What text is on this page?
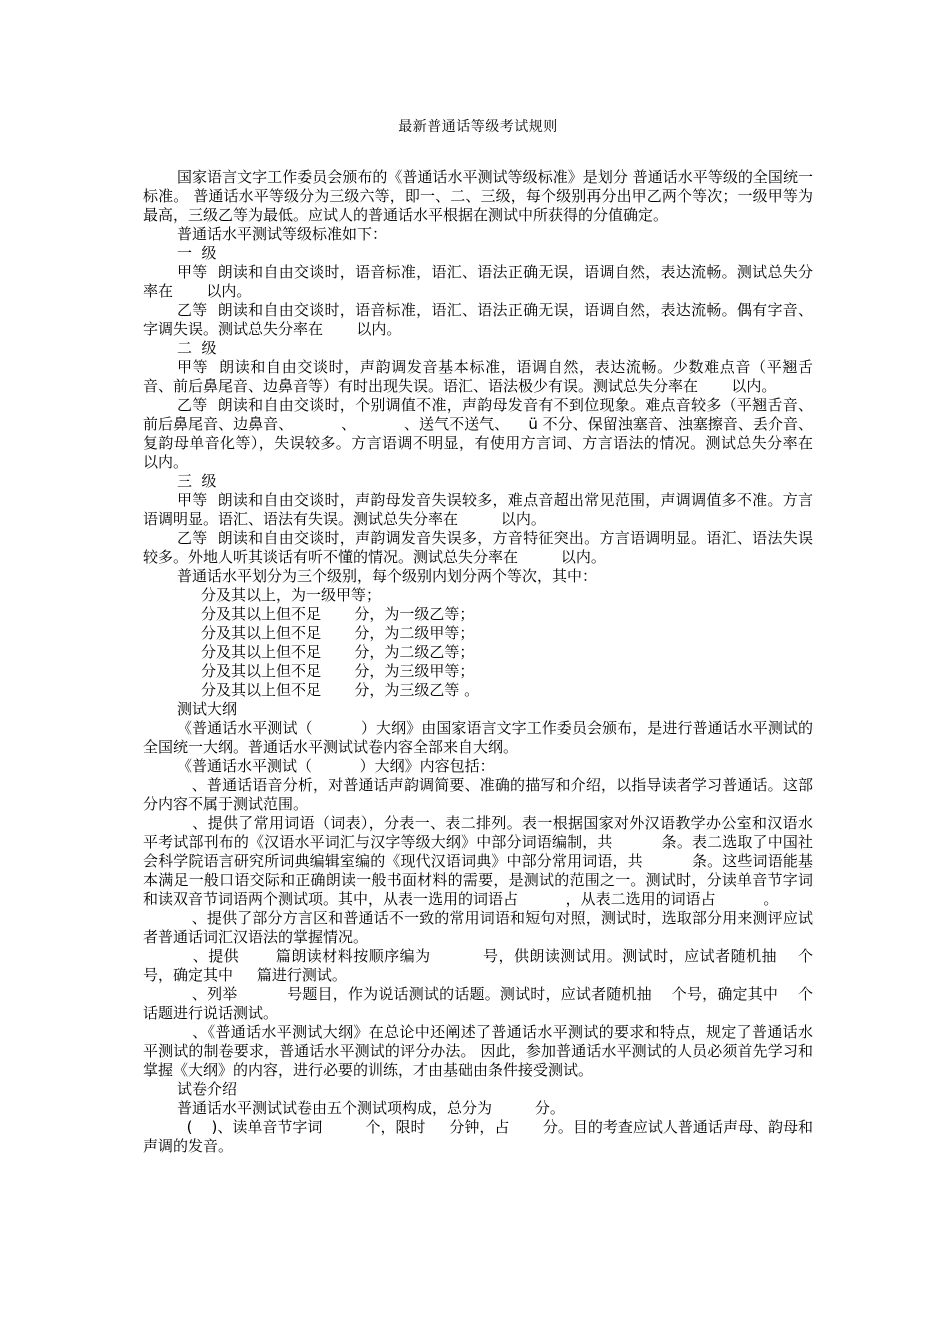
最新普通话等级考试规则

国家语言文字工作委员会颁布的《普通话水平测试等级标准》是划分 普通话水平等级的全国统一标准。 普通话水平等级分为三级六等，即一、二、三级，每个级别再分出甲乙两个等次；一级甲等为最高，三级乙等为最低。应试人的普通话水平根据在测试中所获得的分值确定。

普通话水平测试等级标准如下：

一  级

甲等  朗读和自由交谈时，语音标准，语汇、语法正确无误，语调自然，表达流畅。测试总失分率在       以内。

乙等  朗读和自由交谈时，语音标准，语汇、语法正确无误，语调自然，表达流畅。偶有字音、字调失误。测试总失分率在       以内。

二  级

甲等  朗读和自由交谈时，声韵调发音基本标准，语调自然，表达流畅。少数难点音（平翘舌音、前后鼻尾音、边鼻音等）有时出现失误。语汇、语法极少有误。测试总失分率在       以内。

乙等  朗读和自由交谈时，个别调值不准，声韵母发音有不到位现象。难点音较多（平翘舌音、前后鼻尾音、边鼻音、          、          、送气不送气、    ü 不分、保留浊塞音、浊塞擦音、丢介音、复韵母单音化等），失误较多。方言语调不明显，有使用方言词、方言语法的情况。测试总失分率在         以内。

三  级

甲等  朗读和自由交谈时，声韵母发音失误较多，难点音超出常见范围，声调调值多不准。方言语调明显。语汇、语法有失误。测试总失分率在         以内。

乙等  朗读和自由交谈时，声韵调发音失误多，方音特征突出。方言语调明显。语汇、语法失误较多。外地人听其谈话有听不懂的情况。测试总失分率在         以内。

普通话水平划分为三个级别，每个级别内划分两个等次，其中：

分及其以上，为一级甲等；

分及其以上但不足       分，为一级乙等；

分及其以上但不足       分，为二级甲等；

分及其以上但不足       分，为二级乙等；

分及其以上但不足       分，为三级甲等；

分及其以上但不足       分，为三级乙等 。

测试大纲

《普通话水平测试（          ）大纲》由国家语言文字工作委员会颁布，是进行普通话水平测试的全国统一大纲。普通话水平测试试卷内容全部来自大纲。

《普通话水平测试（          ）大纲》内容包括：

、普通话语音分析，对普通话声韵调简要、准确的描写和介绍，以指导读者学习普通话。这部分内容不属于测试范围。

、提供了常用词语（词表），分表一、表二排列。表一根据国家对外汉语教学办公室和汉语水平考试部刊布的《汉语水平词汇与汉字等级大纲》中部分词语编制，共          条。表二选取了中国社会科学院语言研究所词典编辑室编的《现代汉语词典》中部分常用词语，共          条。这些词语能基本满足一般口语交际和正确朗读一般书面材料的需要，是测试的范围之一。测试时，分读单音节字词和读双音节词语两个测试项。其中，从表一选用的词语占          ，从表二选用的词语占          。

、提供了部分方言区和普通话不一致的常用词语和短句对照，测试时，选取部分用来测评应试者普通话词汇汉语法的掌握情况。

、提供       篇朗读材料按顺序编为          号，供朗读测试用。测试时，应试者随机抽    个号，确定其中     篇进行测试。

、列举          号题目，作为说话测试的话题。测试时，应试者随机抽    个号，确定其中    个话题进行说话测试。

、《普通话水平测试大纲》在总论中还阐述了普通话水平测试的要求和特点，规定了普通话水平测试的制卷要求，普通话水平测试的评分办法。 因此，参加普通话水平测试的人员必须首先学习和掌握《大纲》的内容，进行必要的训练，才由基础由条件接受测试。

试卷介绍

普通话水平测试试卷由五个测试项构成，总分为         分。

(    )、读单音节字词         个，限时     分钟，占       分。目的考查应试人普通话声母、韵母和声调的发音。
